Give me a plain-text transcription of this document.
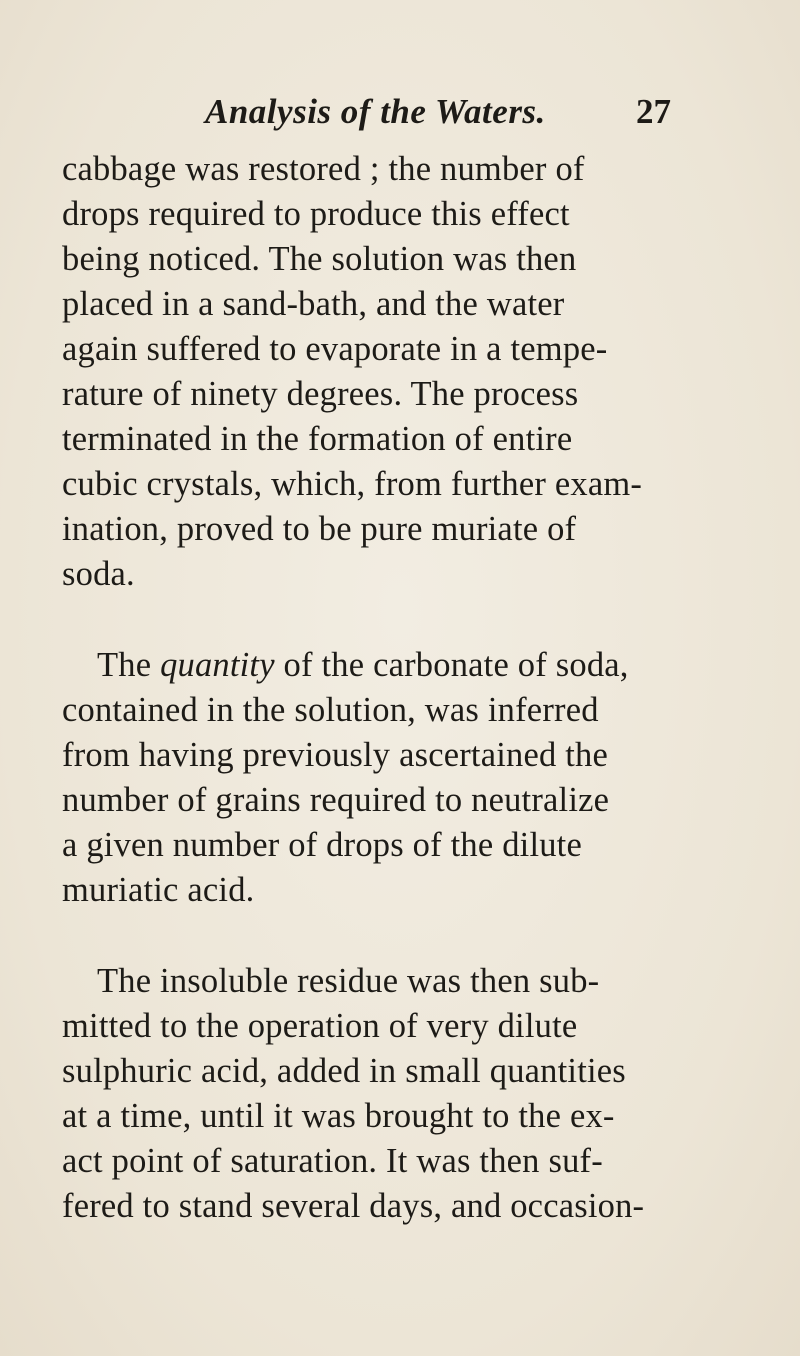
Analysis of the Waters.	27
cabbage was restored ; the number of
drops required to produce this effect
being noticed. The solution was then
placed in a sand-bath, and the water
again suffered to evaporate in a tempe-
rature of ninety degrees. The process
terminated in the formation of entire
cubic crystals, which, from further exam-
ination, proved to be pure muriate of
soda.
The quantity of the carbonate of soda,
contained in the solution, was inferred
from having previously ascertained the
number of grains required to neutralize
a given number of drops of the dilute
muriatic acid.
The insoluble residue was then sub-
mitted to the operation of very dilute
sulphuric acid, added in small quantities
at a time, until it was brought to the ex-
act point of saturation. It was then suf-
fered to stand several days, and occasion-
